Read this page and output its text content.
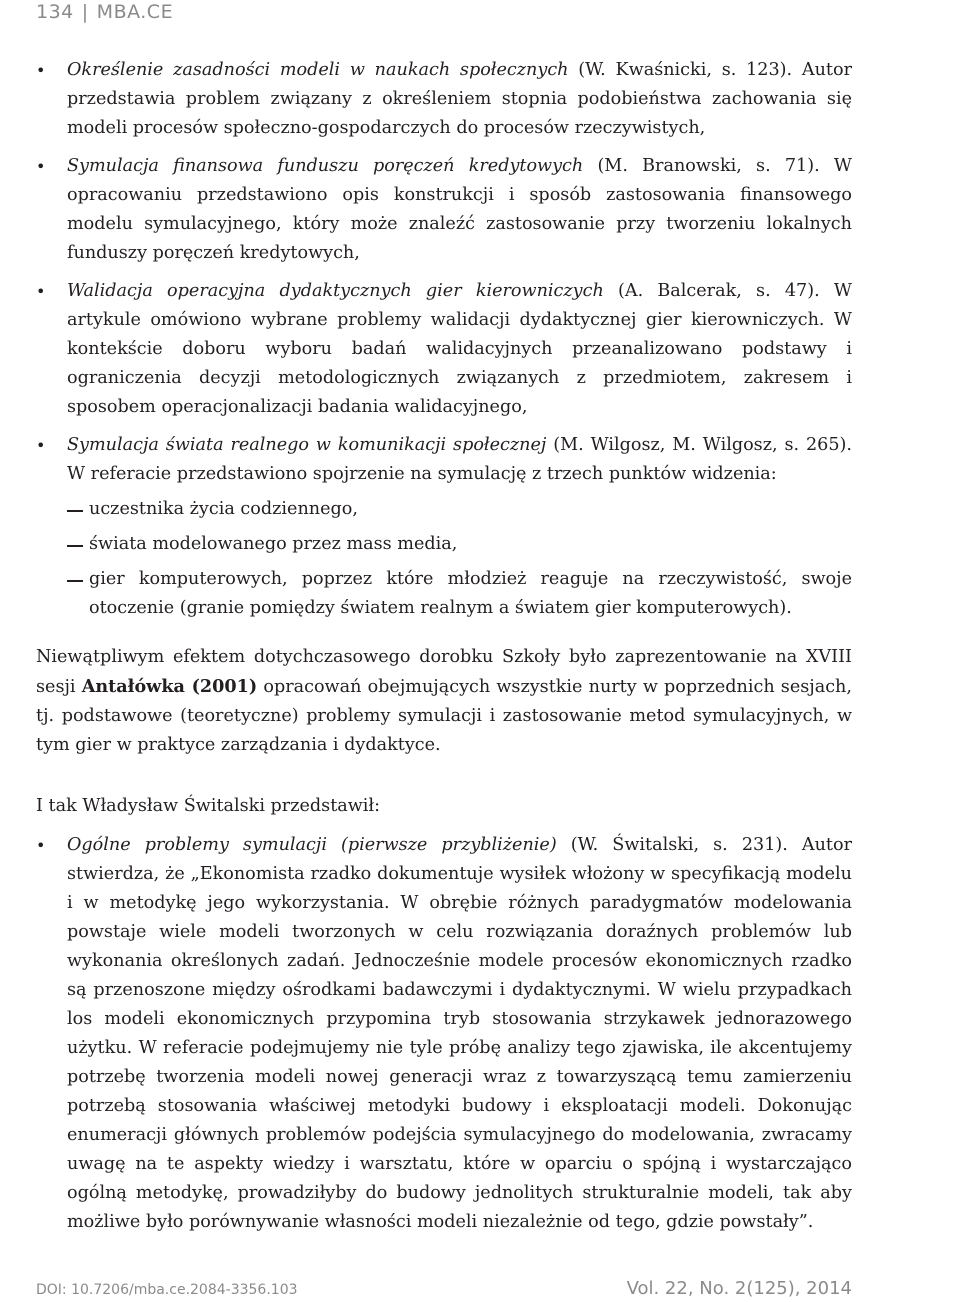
134 | MBA.CE
• Określenie zasadności modeli w naukach społecznych (W. Kwaśnicki, s. 123). Autor przedstawia problem związany z określeniem stopnia podobieństwa zachowania się modeli procesów społeczno-gospodarczych do procesów rzeczywistych,
• Symulacja finansowa funduszu poręczeń kredytowych (M. Branowski, s. 71). W opracowaniu przedstawiono opis konstrukcji i sposób zastosowania finansowego modelu symulacyjnego, który może znaleźć zastosowanie przy tworzeniu lokalnych funduszy poręczeń kredytowych,
• Walidacja operacyjna dydaktycznych gier kierowniczych (A. Balcerak, s. 47). W artykule omówiono wybrane problemy walidacji dydaktycznej gier kierowniczych. W kontekście doboru wyboru badań walidacyjnych przeanalizowano podstawy i ograniczenia decyzji metodologicznych związanych z przedmiotem, zakresem i sposobem operacjonalizacji badania walidacyjnego,
• Symulacja świata realnego w komunikacji społecznej (M. Wilgosz, M. Wilgosz, s. 265). W referacie przedstawiono spojrzenie na symulację z trzech punktów widzenia:
uczestnika życia codziennego,
świata modelowanego przez mass media,
gier komputerowych, poprzez które młodzież reaguje na rzeczywistość, swoje otoczenie (granie pomiędzy światem realnym a światem gier komputerowych).

Niewątpliwym efektem dotychczasowego dorobku Szkoły było zaprezentowanie na XVIII sesji Antałówka (2001) opracowań obejmujących wszystkie nurty w poprzednich sesjach, tj. podstawowe (teoretyczne) problemy symulacji i zastosowanie metod symulacyjnych, w tym gier w praktyce zarządzania i dydaktyce.

I tak Władysław Świtalski przedstawił:

• Ogólne problemy symulacji (pierwsze przybliżenie) (W. Świtalski, s. 231). Autor stwierdza, że „Ekonomista rzadko dokumentuje wysiłek włożony w specyfikacją modelu i w metodykę jego wykorzystania. W obrębie różnych paradygmatów modelowania powstaje wiele modeli tworzonych w celu rozwiązania doraźnych problemów lub wykonania określonych zadań. Jednocześnie modele procesów ekonomicznych rzadko są przenoszone między ośrodkami badawczymi i dydaktycznymi. W wielu przypadkach los modeli ekonomicznych przypomina tryb stosowania strzykawek jednorazowego użytku. W referacie podejmujemy nie tyle próbę analizy tego zjawiska, ile akcentujemy potrzebę tworzenia modeli nowej generacji wraz z towarzyszącą temu zamierzeniu potrzebą stosowania właściwej metodyki budowy i eksploatacji modeli. Dokonując enumeracji głównych problemów podejścia symulacyjnego do modelowania, zwracamy uwagę na te aspekty wiedzy i warsztatu, które w oparciu o spójną i wystarczająco ogólną metodykę, prowadziłyby do budowy jednolitych strukturalnie modeli, tak aby możliwe było porównywanie własności modeli niezależnie od tego, gdzie powstały”.
DOI: 10.7206/mba.ce.2084-3356.103	Vol. 22, No. 2(125), 2014
